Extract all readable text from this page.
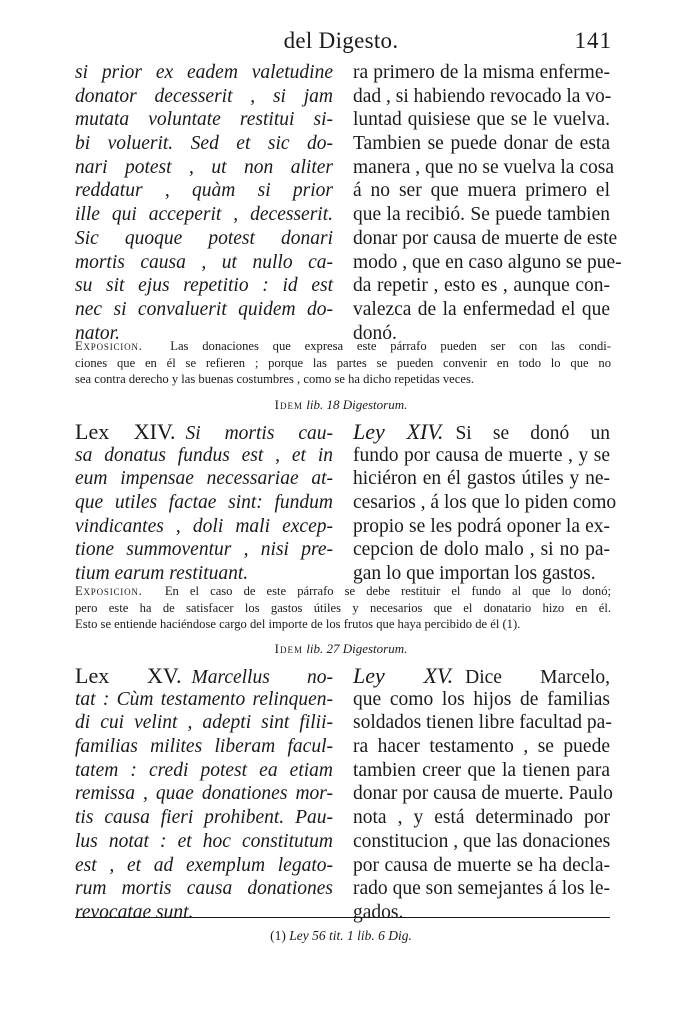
del Digesto.	141
si prior ex eadem valetudine
donator decesserit , si jam
mutata voluntate restitui si-
bi voluerit. Sed et sic do-
nari potest , ut non aliter
reddatur , quàm si prior
ille qui acceperit , decesserit.
Sic quoque potest donari
mortis causa , ut nullo ca-
su sit ejus repetitio : id est
nec si convaluerit quidem do-
nator.
ra primero de la misma enferme-
dad , si habiendo revocado la vo-
luntad quisiese que se le vuelva.
Tambien se puede donar de esta
manera , que no se vuelva la cosa
á no ser que muera primero el
que la recibió. Se puede tambien
donar por causa de muerte de este
modo , que en caso alguno se pue-
da repetir , esto es , aunque con-
valezca de la enfermedad el que
donó.
Exposicion. Las donaciones que expresa este párrafo pueden ser con las condi-
ciones que en él se refieren ; porque las partes se pueden convenir en todo lo que no
sea contra derecho y las buenas costumbres , como se ha dicho repetidas veces.
Idem lib. 18 Digestorum.
Lex XIV. Si mortis cau-
sa donatus fundus est , et in
eum impensae necessariae at-
que utiles factae sint: fundum
vindicantes , doli mali excep-
tione summoventur , nisi pre-
tium earum restituant.
Ley XIV. Si se donó un
fundo por causa de muerte , y se
hiciéron en él gastos útiles y ne-
cesarios , á los que lo piden como
propio se les podrá oponer la ex-
cepcion de dolo malo , si no pa-
gan lo que importan los gastos.
Exposicion. En el caso de este párrafo se debe restituir el fundo al que lo donó;
pero este ha de satisfacer los gastos útiles y necesarios que el donatario hizo en él.
Esto se entiende haciéndose cargo del importe de los frutos que haya percibido de él (1).
Idem lib. 27 Digestorum.
Lex XV. Marcellus no-
tat : Cùm testamento relinquen-
di cui velint , adepti sint filii-
familias milites liberam facul-
tatem : credi potest ea etiam
remissa , quae donationes mor-
tis causa fieri prohibent. Pau-
lus notat : et hoc constitutum
est , et ad exemplum legato-
rum mortis causa donationes
revocatae sunt.
Ley XV. Dice Marcelo,
que como los hijos de familias
soldados tienen libre facultad pa-
ra hacer testamento , se puede
tambien creer que la tienen para
donar por causa de muerte. Paulo
nota , y está determinado por
constitucion , que las donaciones
por causa de muerte se ha decla-
rado que son semejantes á los le-
gados.
(1) Ley 56 tit. 1 lib. 6 Dig.
